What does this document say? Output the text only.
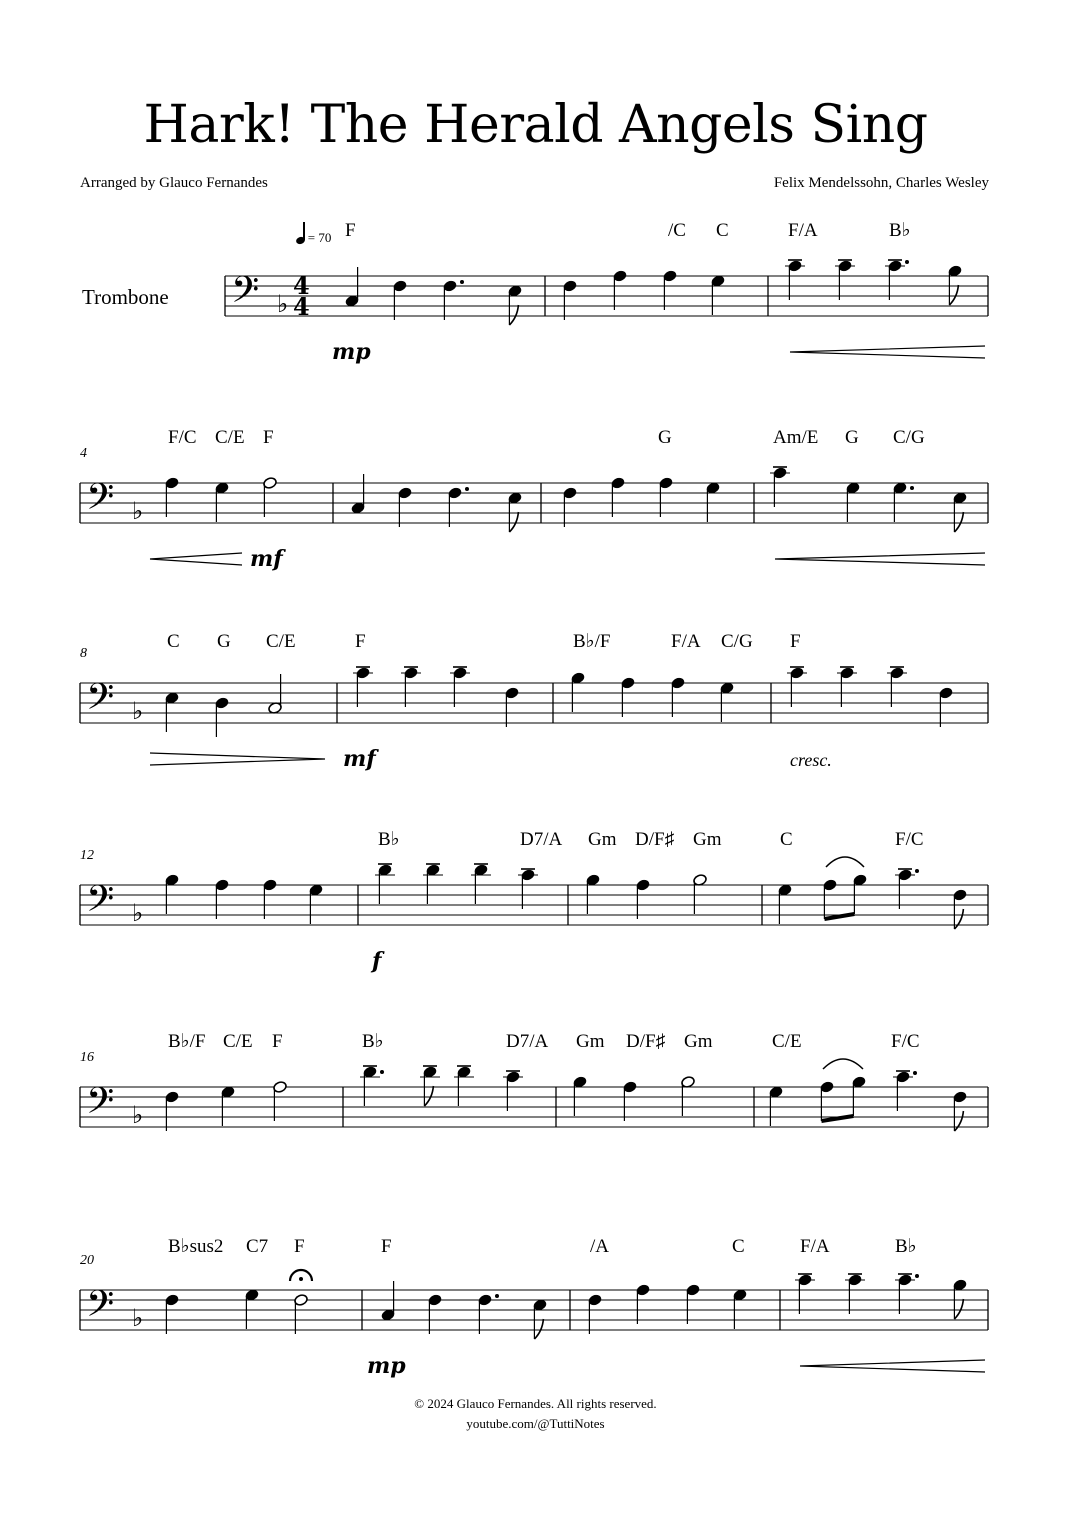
Hark! The Herald Angels Sing
Arranged by Glauco Fernandes	Felix Mendelssohn, Charles Wesley
Trombone
= 70
𝄢 ♭
4
4
F	/C C	F/A	B♭
𝄢 ♭
4
F/C C/E F	G	Am/E G C/G
𝄢 ♭
8
C G C/E	F	B♭/F	F/A C/G F
𝄢 ♭
12
B♭	D7/A Gm D/F♯ Gm	C	F/C
𝄢 ♭
16
B♭/F C/E F	B♭	D7/A Gm D/F♯ Gm	C/E	F/C
𝄢 ♭
20
B♭sus2 C7 F	F	/A	C	F/A	B♭
mp
mf
mf	cresc.
f
mp
© 2024 Glauco Fernandes. All rights reserved.
youtube.com/@TuttiNotes
